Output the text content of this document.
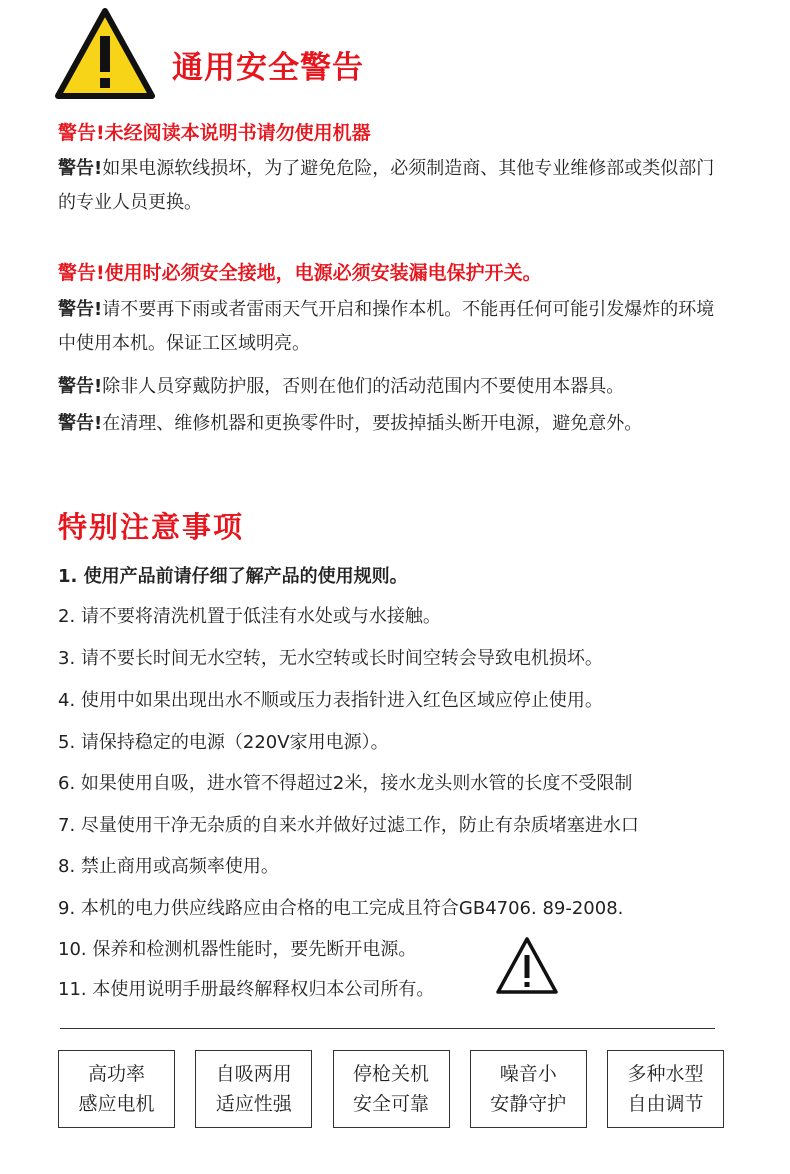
通用安全警告
警告!未经阅读本说明书请勿使用机器
警告!如果电源软线损坏，为了避免危险，必须制造商、其他专业维修部或类似部门的专业人员更换。
警告!使用时必须安全接地，电源必须安装漏电保护开关。
警告!请不要再下雨或者雷雨天气开启和操作本机。不能再任何可能引发爆炸的环境中使用本机。保证工区域明亮。
警告!除非人员穿戴防护服，否则在他们的活动范围内不要使用本器具。
警告!在清理、维修机器和更换零件时，要拔掉插头断开电源，避免意外。
特别注意事项
1. 使用产品前请仔细了解产品的使用规则。
2. 请不要将清洗机置于低洼有水处或与水接触。
3. 请不要长时间无水空转，无水空转或长时间空转会导致电机损坏。
4. 使用中如果出现出水不顺或压力表指针进入红色区域应停止使用。
5. 请保持稳定的电源（220V家用电源）。
6. 如果使用自吸，进水管不得超过2米，接水龙头则水管的长度不受限制
7. 尽量使用干净无杂质的自来水并做好过滤工作，防止有杂质堵塞进水口
8. 禁止商用或高频率使用。
9. 本机的电力供应线路应由合格的电工完成且符合GB4706. 89-2008.
10. 保养和检测机器性能时，要先断开电源。
11. 本使用说明手册最终解释权归本公司所有。
高功率
感应电机
自吸两用
适应性强
停枪关机
安全可靠
噪音小
安静守护
多种水型
自由调节
